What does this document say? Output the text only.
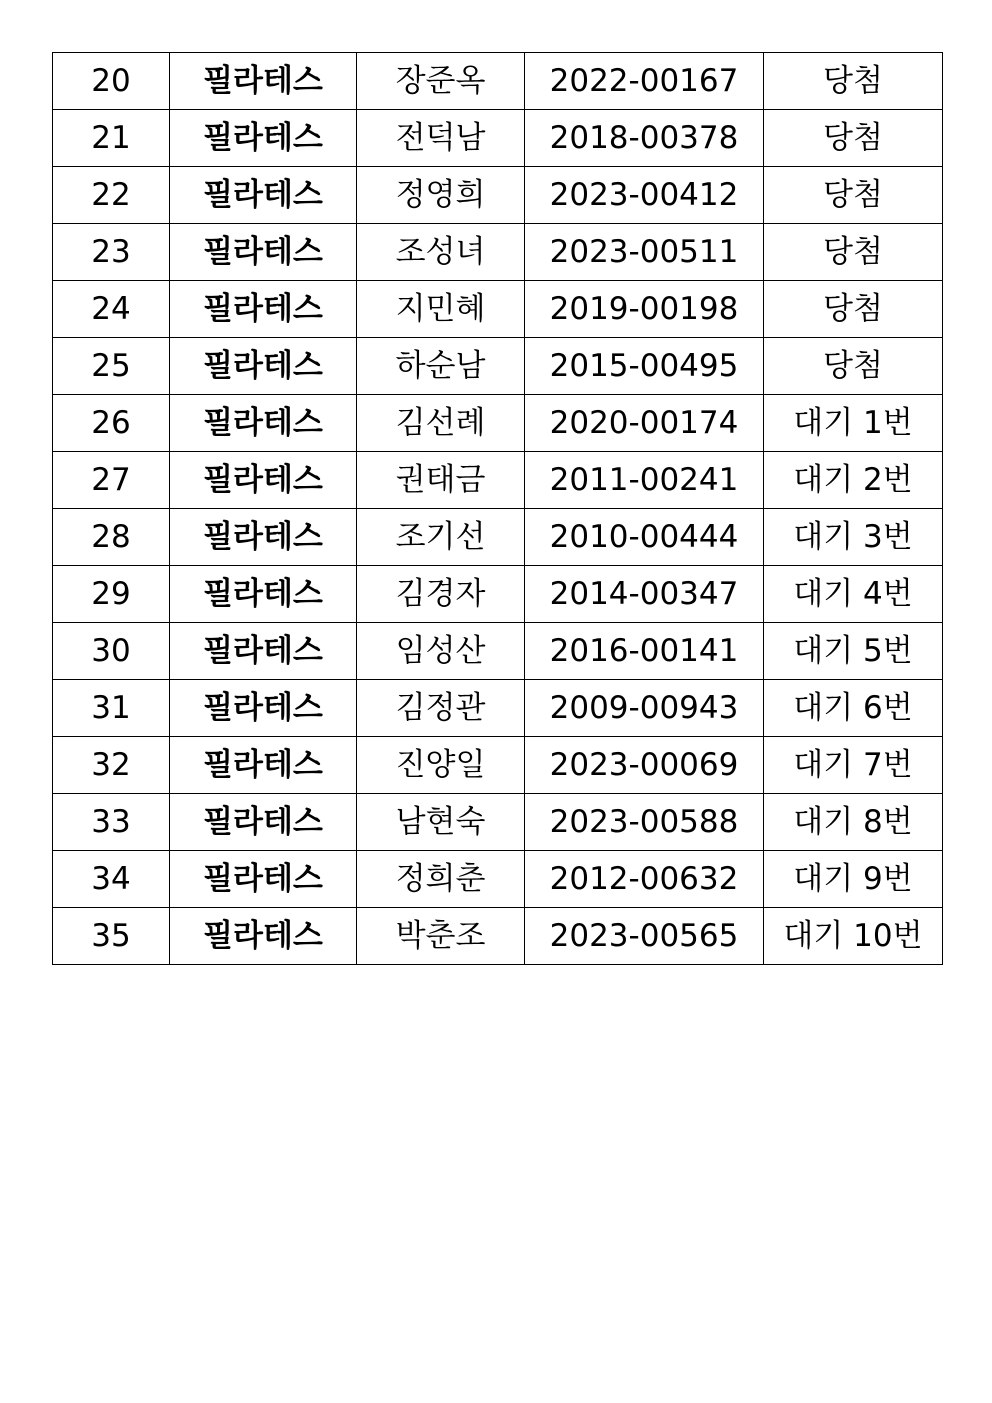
20	필라테스	장준옥	2022-00167	당첨
21	필라테스	전덕남	2018-00378	당첨
22	필라테스	정영희	2023-00412	당첨
23	필라테스	조성녀	2023-00511	당첨
24	필라테스	지민혜	2019-00198	당첨
25	필라테스	하순남	2015-00495	당첨
26	필라테스	김선례	2020-00174	대기 1번
27	필라테스	권태금	2011-00241	대기 2번
28	필라테스	조기선	2010-00444	대기 3번
29	필라테스	김경자	2014-00347	대기 4번
30	필라테스	임성산	2016-00141	대기 5번
31	필라테스	김정관	2009-00943	대기 6번
32	필라테스	진양일	2023-00069	대기 7번
33	필라테스	남현숙	2023-00588	대기 8번
34	필라테스	정희춘	2012-00632	대기 9번
35	필라테스	박춘조	2023-00565	대기 10번
